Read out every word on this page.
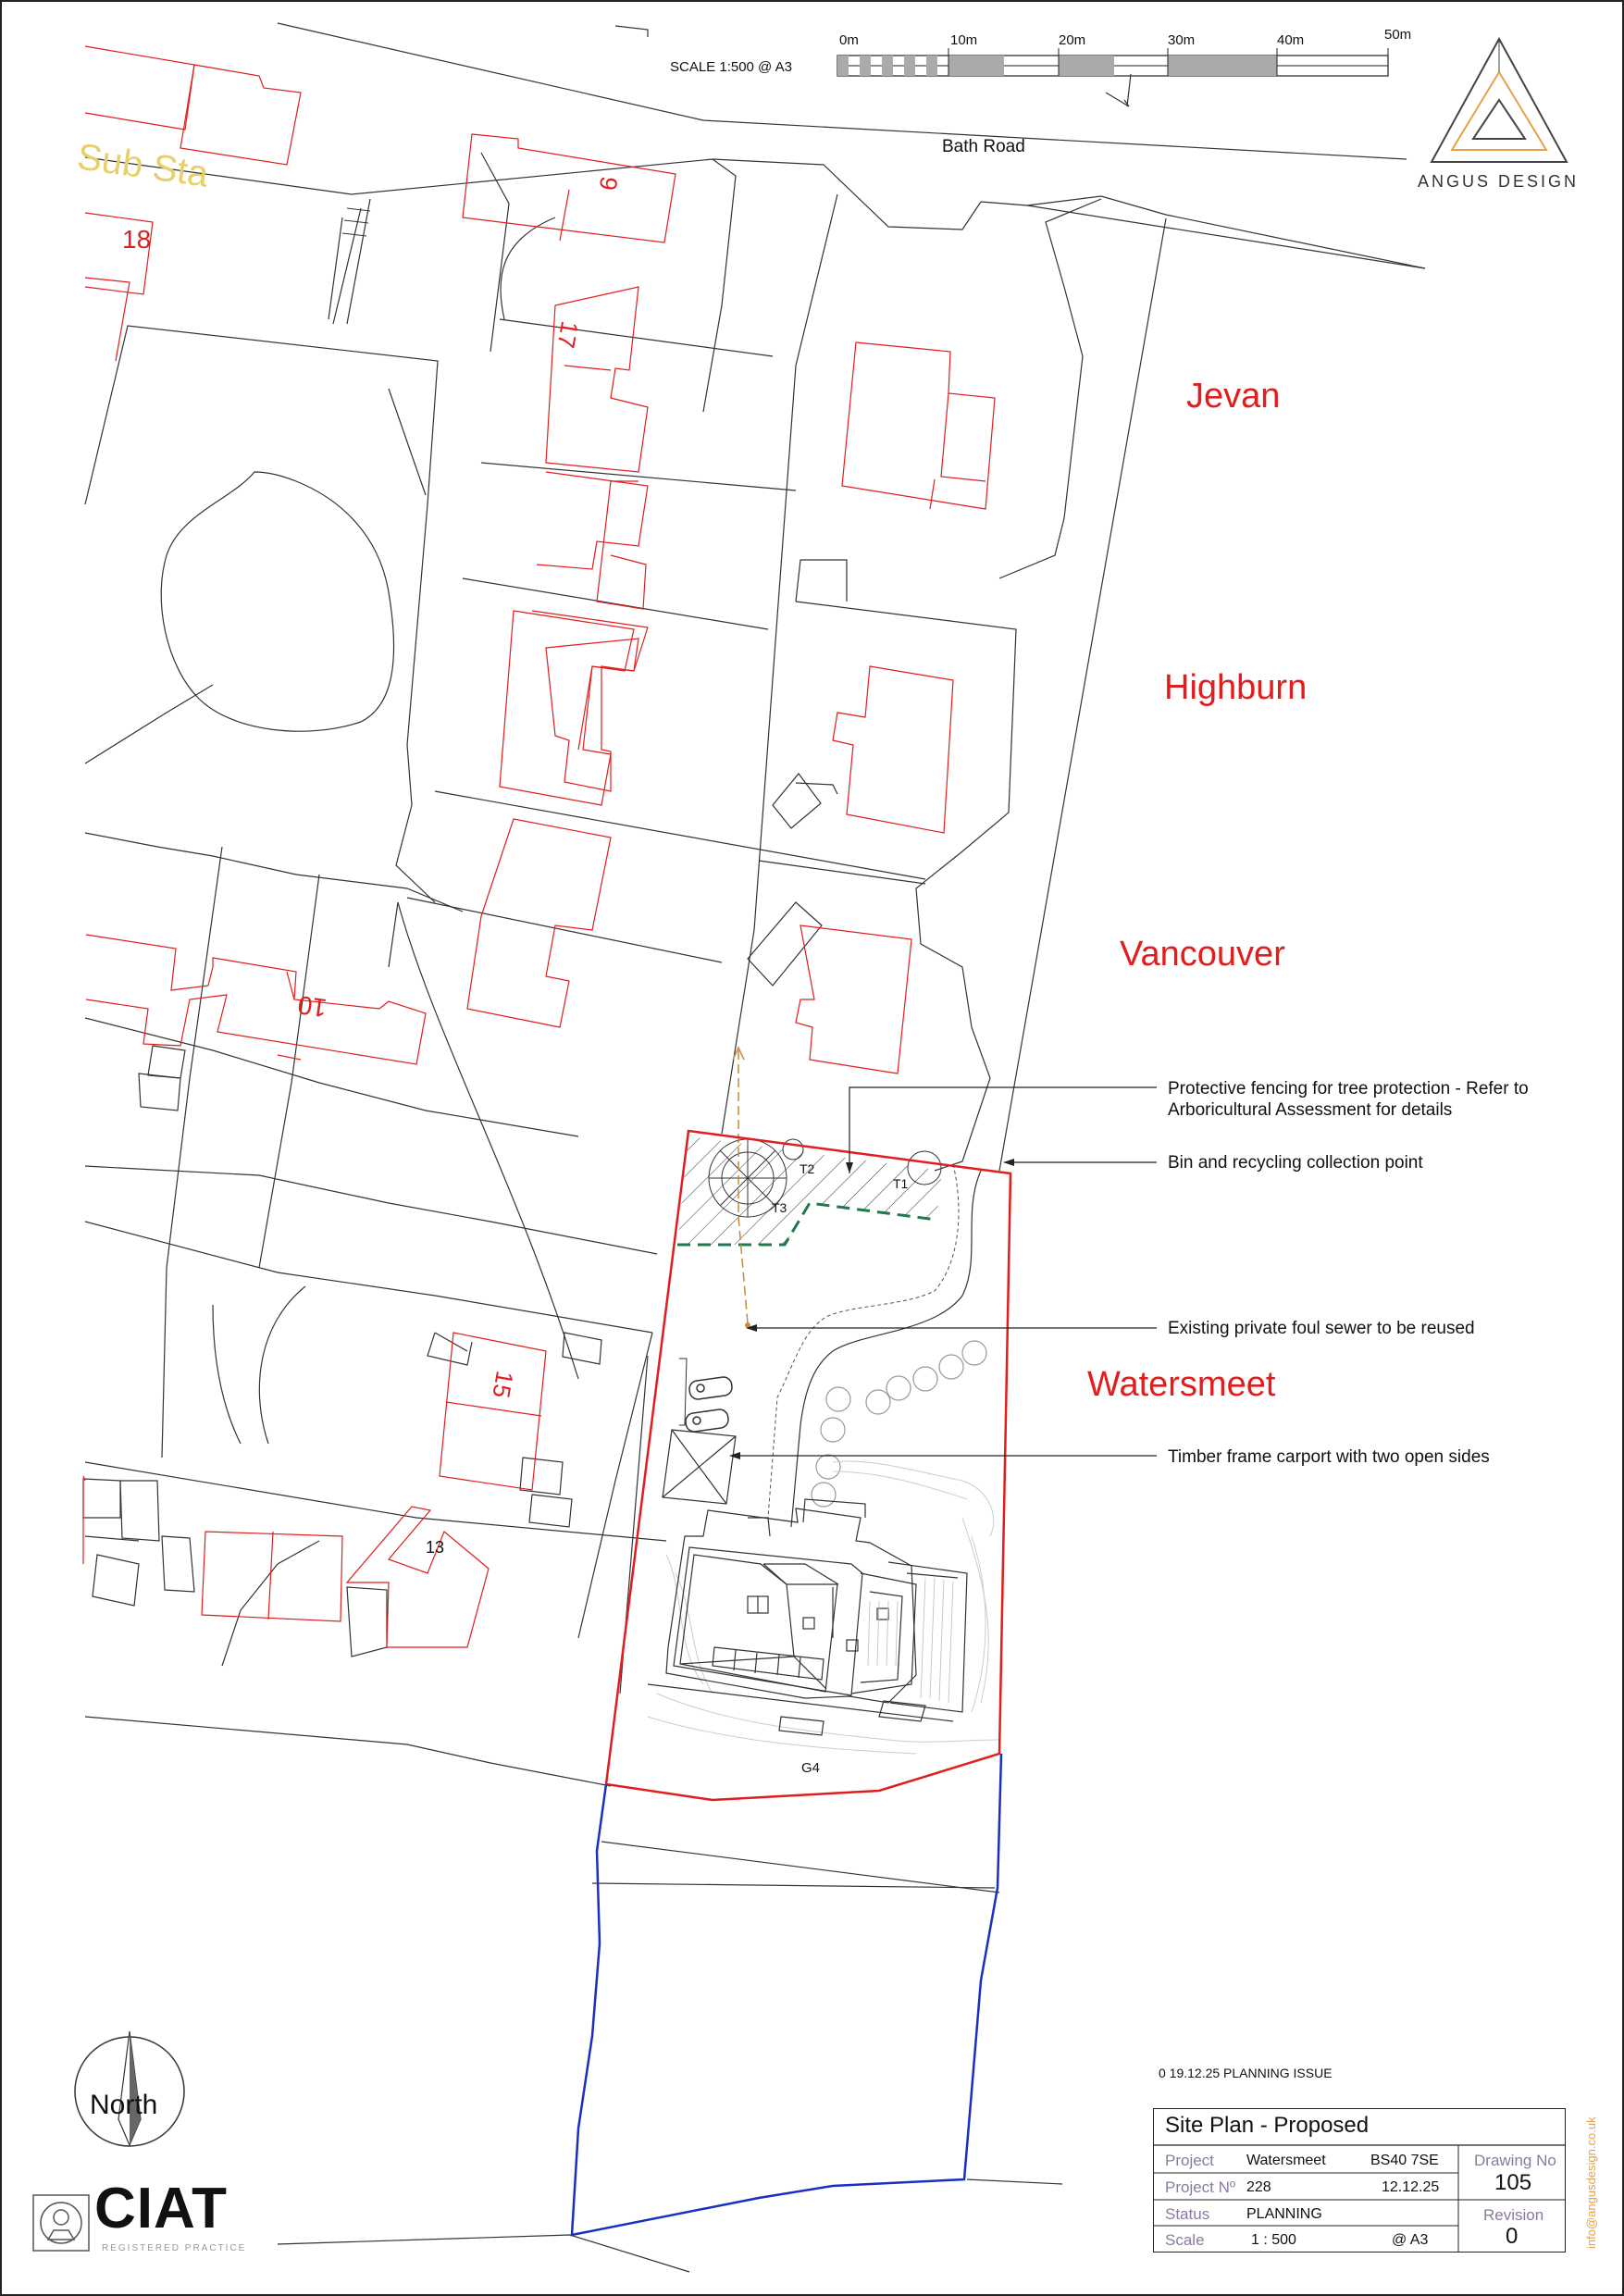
SCALE 1:500 @ A3
0m	10m	20m	30m	40m	50m
18
9
17
10
15
13
Sub Sta	Bath Road
Jevan
Highburn
Vancouver
Watersmeet
T2
T3
T1
G4
Protective fencing for tree protection - Refer to
Arboricultural Assessment for details
Bin and recycling collection point
Existing private foul sewer to be reused
Timber frame carport with two open sides
North
ANGUS DESIGN
CIAT
REGISTERED PRACTICE
0 19.12.25 PLANNING ISSUE
Site Plan - Proposed
Project Watersmeet	BS40 7SE
Project Nº 228	12.12.25
Status PLANNING
Scale	1 : 500	@ A3
Drawing No
105
Revision
0	info@angusdesign.co.uk
